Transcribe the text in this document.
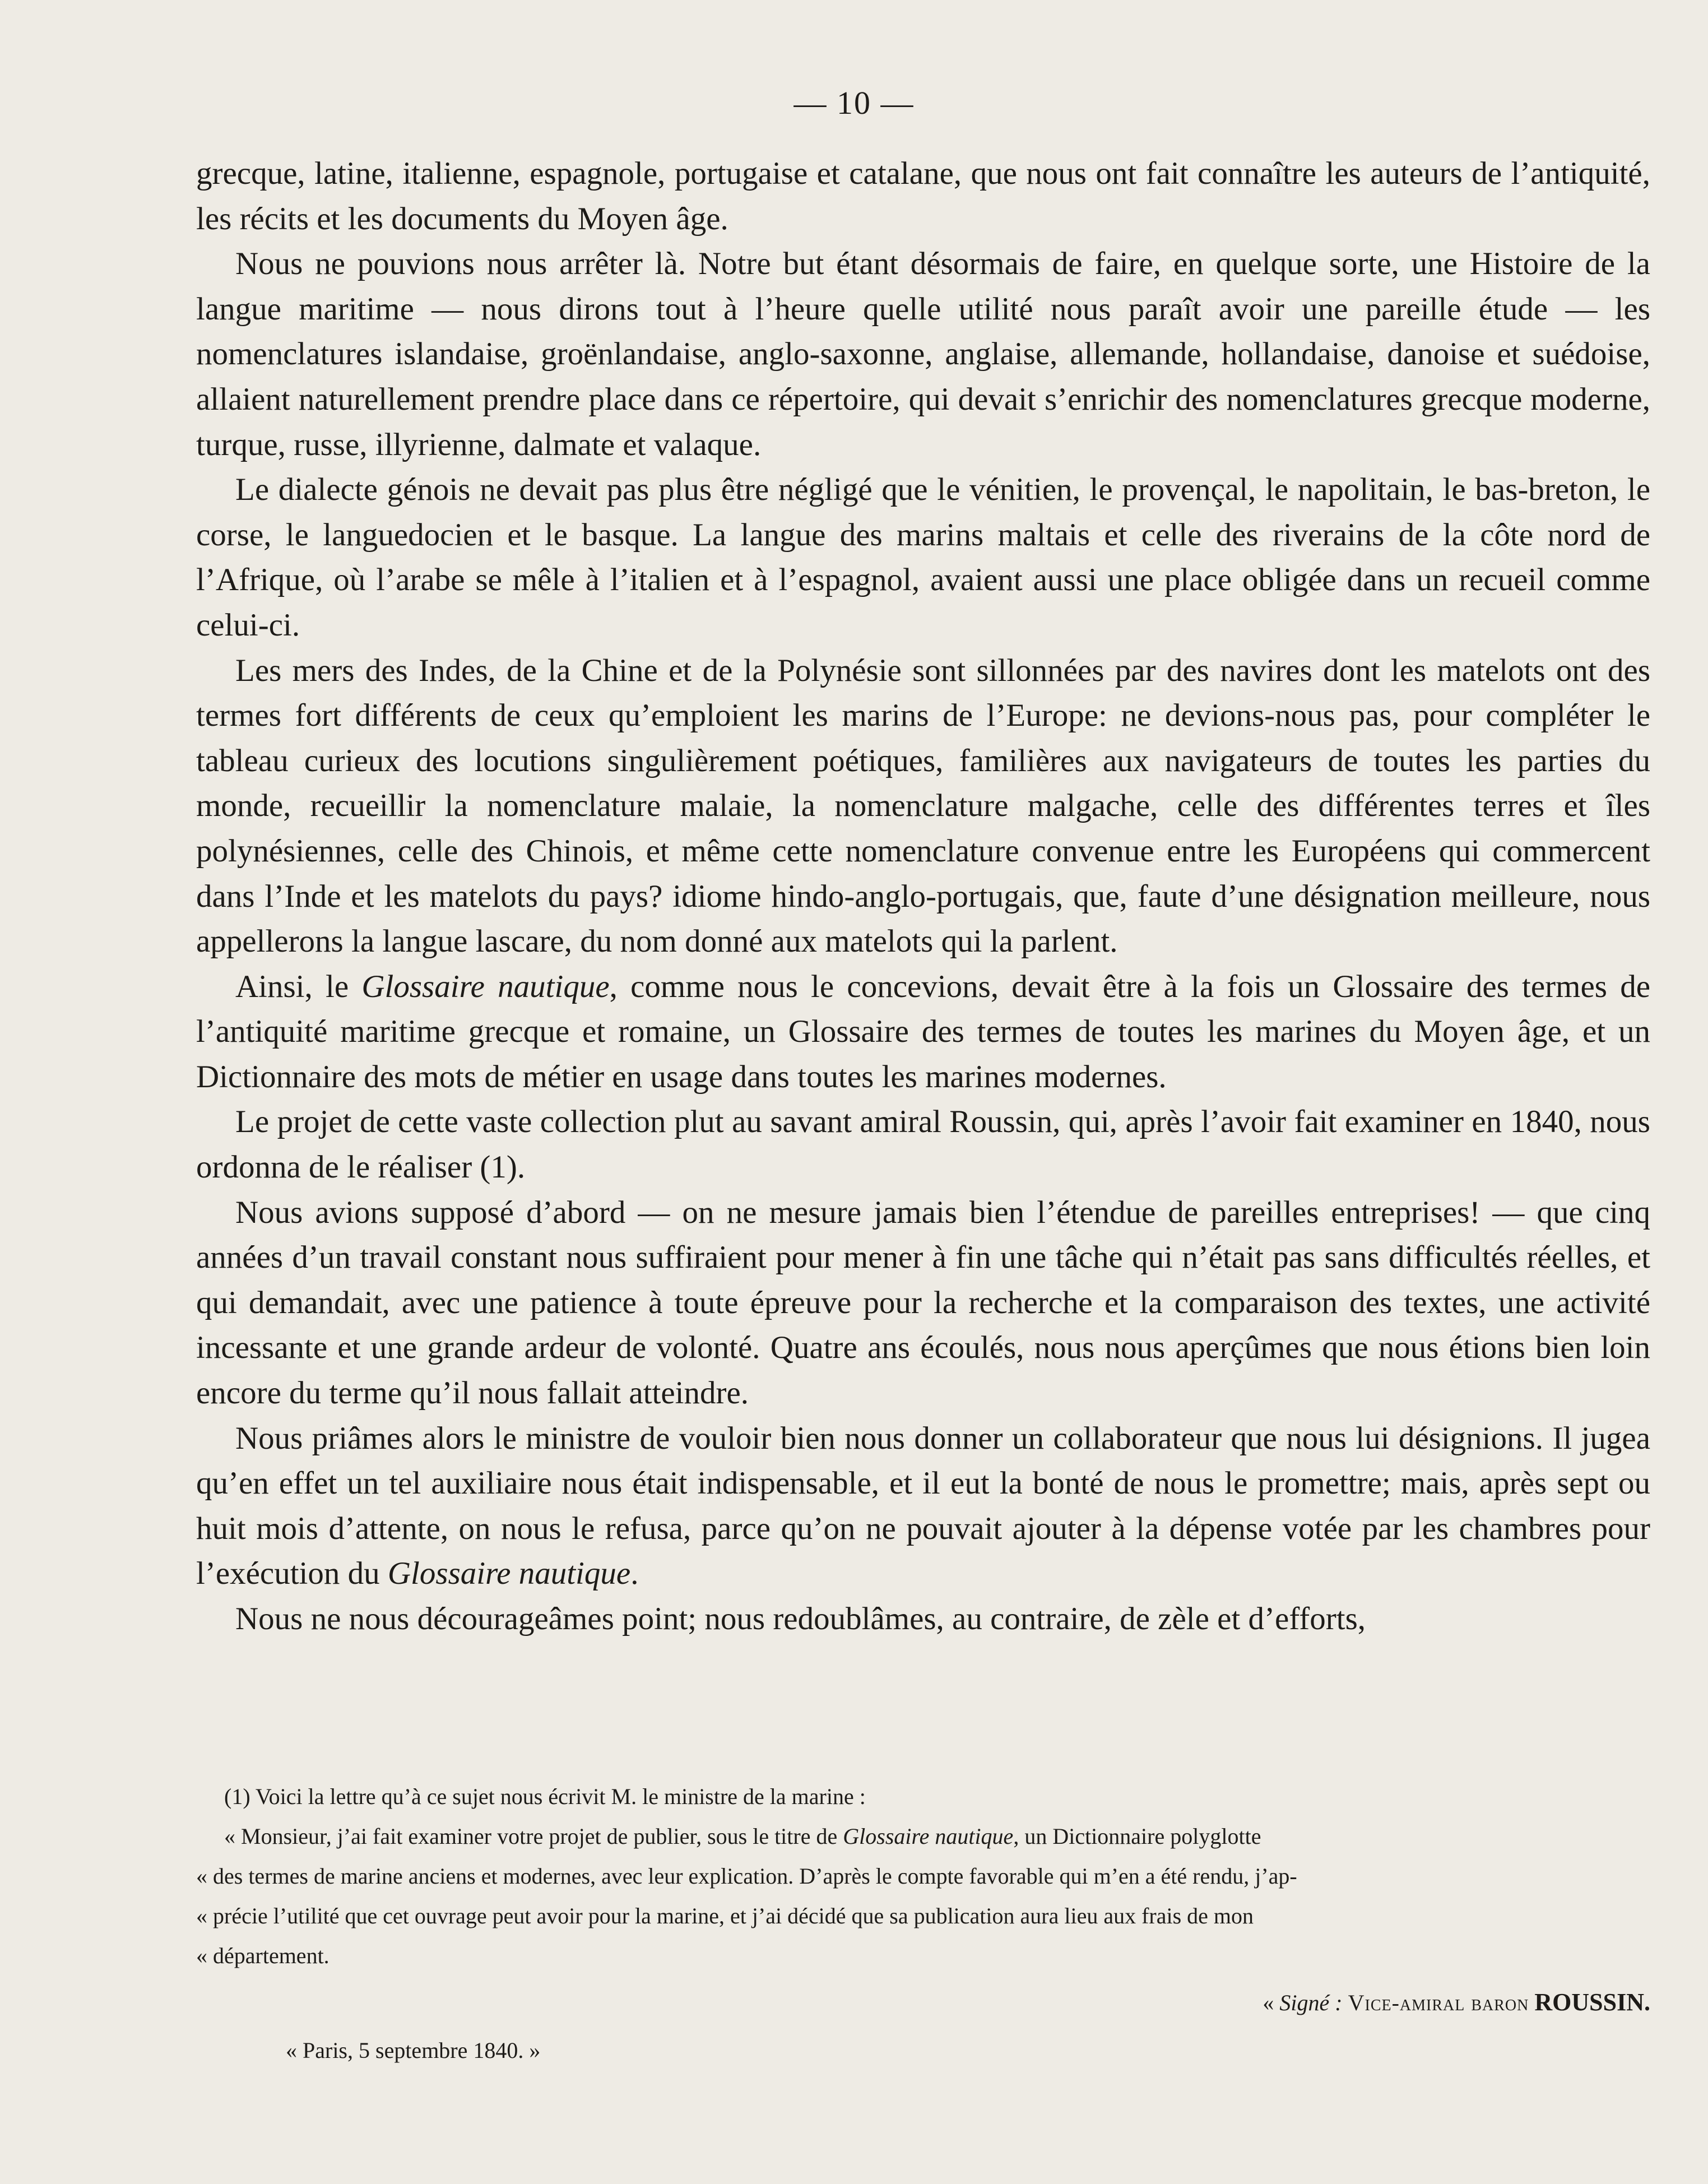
— 10 —

grecque, latine, italienne, espagnole, portugaise et catalane, que nous ont fait connaître les auteurs de l’antiquité, les récits et les documents du Moyen âge.

Nous ne pouvions nous arrêter là. Notre but étant désormais de faire, en quelque sorte, une Histoire de la langue maritime — nous dirons tout à l’heure quelle utilité nous paraît avoir une pareille étude — les nomenclatures islandaise, groënlandaise, anglo-saxonne, anglaise, allemande, hollandaise, danoise et suédoise, allaient naturellement prendre place dans ce répertoire, qui devait s’enrichir des nomenclatures grecque moderne, turque, russe, illyrienne, dalmate et valaque.

Le dialecte génois ne devait pas plus être négligé que le vénitien, le provençal, le napolitain, le bas-breton, le corse, le languedocien et le basque. La langue des marins maltais et celle des riverains de la côte nord de l’Afrique, où l’arabe se mêle à l’italien et à l’espagnol, avaient aussi une place obligée dans un recueil comme celui-ci.

Les mers des Indes, de la Chine et de la Polynésie sont sillonnées par des navires dont les matelots ont des termes fort différents de ceux qu’emploient les marins de l’Europe: ne devions-nous pas, pour compléter le tableau curieux des locutions singulièrement poétiques, familières aux navigateurs de toutes les parties du monde, recueillir la nomenclature malaie, la nomenclature malgache, celle des différentes terres et îles polynésiennes, celle des Chinois, et même cette nomenclature convenue entre les Européens qui commercent dans l’Inde et les matelots du pays? idiome hindo-anglo-portugais, que, faute d’une désignation meilleure, nous appellerons la langue lascare, du nom donné aux matelots qui la parlent.

Ainsi, le Glossaire nautique, comme nous le concevions, devait être à la fois un Glossaire des termes de l’antiquité maritime grecque et romaine, un Glossaire des termes de toutes les marines du Moyen âge, et un Dictionnaire des mots de métier en usage dans toutes les marines modernes.

Le projet de cette vaste collection plut au savant amiral Roussin, qui, après l’avoir fait examiner en 1840, nous ordonna de le réaliser (1).

Nous avions supposé d’abord — on ne mesure jamais bien l’étendue de pareilles entreprises! — que cinq années d’un travail constant nous suffiraient pour mener à fin une tâche qui n’était pas sans difficultés réelles, et qui demandait, avec une patience à toute épreuve pour la recherche et la comparaison des textes, une activité incessante et une grande ardeur de volonté. Quatre ans écoulés, nous nous aperçûmes que nous étions bien loin encore du terme qu’il nous fallait atteindre.

Nous priâmes alors le ministre de vouloir bien nous donner un collaborateur que nous lui désignions. Il jugea qu’en effet un tel auxiliaire nous était indispensable, et il eut la bonté de nous le promettre; mais, après sept ou huit mois d’attente, on nous le refusa, parce qu’on ne pouvait ajouter à la dépense votée par les chambres pour l’exécution du Glossaire nautique.

Nous ne nous décourageâmes point; nous redoublâmes, au contraire, de zèle et d’efforts,

(1) Voici la lettre qu’à ce sujet nous écrivit M. le ministre de la marine :

« Monsieur, j’ai fait examiner votre projet de publier, sous le titre de Glossaire nautique, un Dictionnaire polyglotte

« des termes de marine anciens et modernes, avec leur explication. D’après le compte favorable qui m’en a été rendu, j’ap-

« précie l’utilité que cet ouvrage peut avoir pour la marine, et j’ai décidé que sa publication aura lieu aux frais de mon

« département.

« Signé : Vice-amiral baron ROUSSIN.

« Paris, 5 septembre 1840. »
